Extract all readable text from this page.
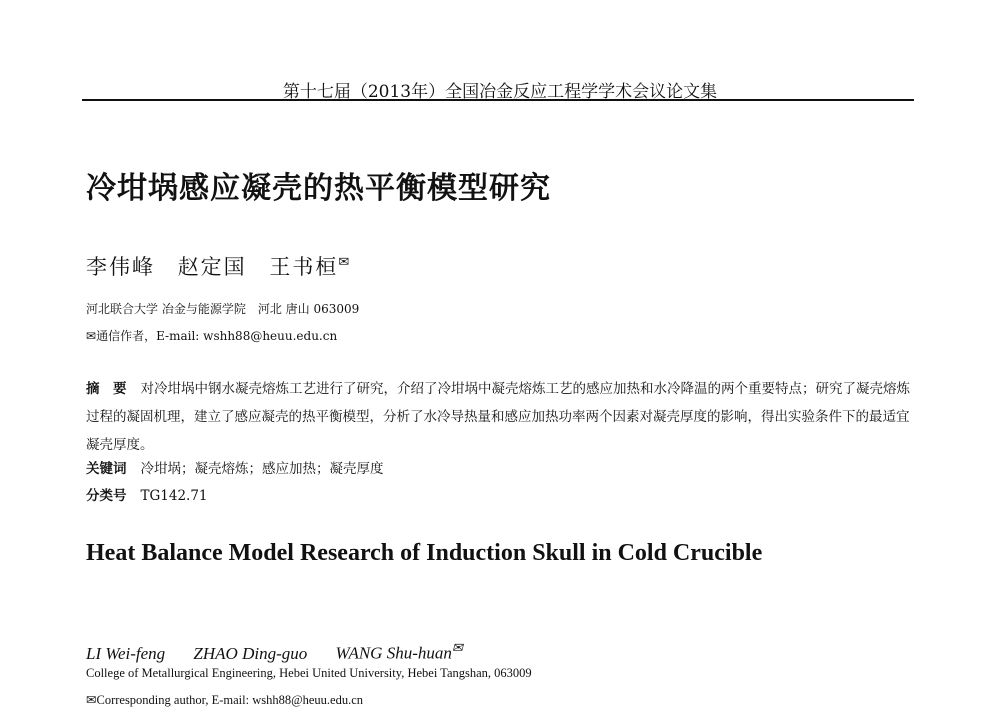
第十七届（2013年）全国冶金反应工程学学术会议论文集
冷坩埚感应凝壳的热平衡模型研究
李伟峰 赵定国 王书桓✉
河北联合大学 冶金与能源学院　河北 唐山 063009
✉通信作者，E-mail: wshh88@heuu.edu.cn
摘　要 对冷坩埚中钢水凝壳熔炼工艺进行了研究，介绍了冷坩埚中凝壳熔炼工艺的感应加热和水冷降温的两个重要特点；研究了凝壳熔炼过程的凝固机理，建立了感应凝壳的热平衡模型，分析了水冷导热量和感应加热功率两个因素对凝壳厚度的影响，得出实验条件下的最适宜凝壳厚度。
关键词 冷坩埚；凝壳熔炼；感应加热；凝壳厚度
分类号 TG142.71
Heat Balance Model Research of Induction Skull in Cold Crucible
LI Wei-feng ZHAO Ding-guo WANG Shu-huan✉
College of Metallurgical Engineering, Hebei United University, Hebei Tangshan, 063009
✉Corresponding author, E-mail: wshh88@heuu.edu.cn
